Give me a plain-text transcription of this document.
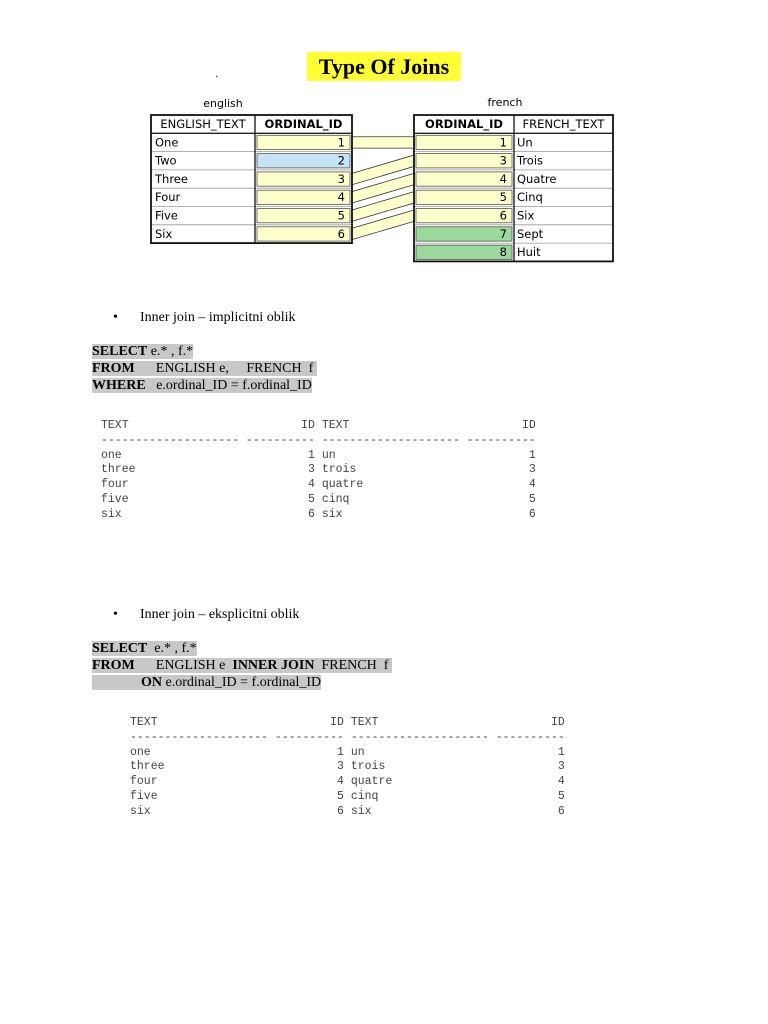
Type Of Joins
·
english	french
ENGLISH_TEXT ORDINAL_ID
One	1
Two	2
Three	3
Four	4
Five	5
Six	6
ORDINAL_ID FRENCH_TEXT
1 Un
3 Trois
4 Quatre
5 Cinq
6 Six
7 Sept
8 Huit
• Inner join – implicitni oblik
SELECT e.* , f.*
FROM      ENGLISH e,     FRENCH  f
WHERE   e.ordinal_ID = f.ordinal_ID
TEXT                         ID TEXT                         ID
-------------------- ---------- -------------------- ----------
one                           1 un                            1
three                         3 trois                         3
four                          4 quatre                        4
five                          5 cinq                          5
six                           6 six                           6
• Inner join – eksplicitni oblik
SELECT  e.* , f.*
FROM      ENGLISH e  INNER JOIN  FRENCH  f
ON e.ordinal_ID = f.ordinal_ID
TEXT                         ID TEXT                         ID
-------------------- ---------- -------------------- ----------
one                           1 un                            1
three                         3 trois                         3
four                          4 quatre                        4
five                          5 cinq                          5
six                           6 six                           6
